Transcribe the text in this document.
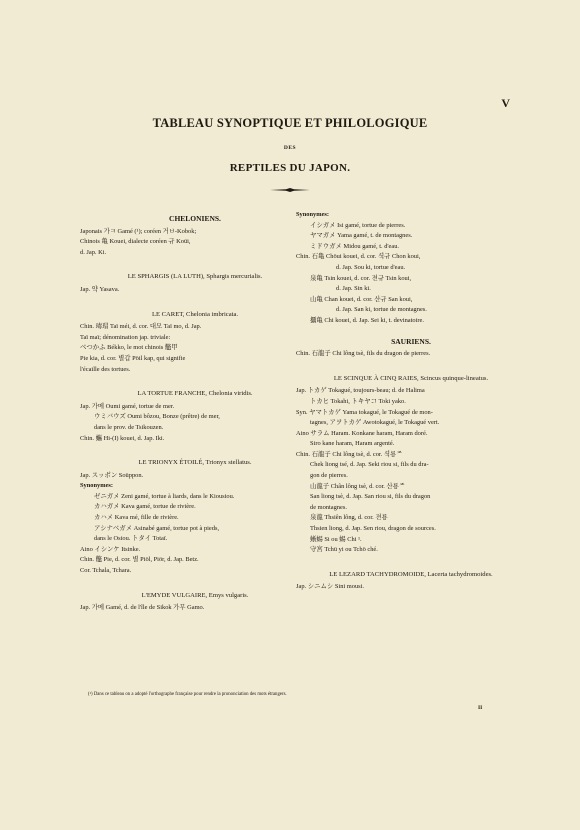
V
TABLEAU SYNOPTIQUE ET PHILOLOGIQUE
DES
REPTILES DU JAPON.

CHELONIENS.

Japonais 가ㅋ Gamé (¹); coréen 거ㅂ-Kobok;

Chinois 亀 Kouei, dialecte coréen 규 Koüi,

d. Jap. Ki.

LE SPHARGIS (LA LUTH), Sphargis mercurialis.

Jap. 약 Yasava.

LE CARET, Chelonia imbricata.

Chin. 瑇瑁 Taï méi, d. cor. 대모 Taï mo, d. Jap.

Taï maï; dénomination jap. triviale:

べつかふ Békko, le mot chinois 鼈甲

Pie kia, d. cor. 별갑 Pöil kap, qui signifie

l'écaille des tortues.

LA TORTUE FRANCHE, Chelonia viridis.

Jap. 가메 Oumi gamé, tortue de mer.

ウミバウズ Oumi bôzou, Bonze (prêtre) de mer,

dans le prov. de Tsikouzen.

Chin. 蠵 Hi-(I) kouei, d. Jap. Iki.

LE TRIONYX ÉTOILÉ, Trionyx stellatus.

Jap. スッポン Soüppon.

Synonymes:

ゼニガメ Zeni gamé, tortue à liards, dans le Kiousiou.

カハガメ Kava gamé, tortue de rivière.

カハメ Kava mé, fille de rivière.

アシナベガメ Asinabé gamé, tortue pot à pieds,

dans le Osiou. トタイ Totaï.

Aino イシンケ Itsinke.

Chin. 鼈 Pie, d. cor. 별 Piöl, Piör, d. Jap. Betz.

Cor. Tchala, Tchara.

L'EMYDE VULGAIRE, Emys vulgaris.

Jap. 가메 Gamé, d. de l'île de Sikok 가무 Gamo.

Synonymes:

イシガメ Isi gamé, tortue de pierres.

ヤマガメ Yama gamé, t. de montagnes.

ミドウガメ Midou gamé, t. d'eau.

Chin. 石亀 Chöui kouei, d. cor. 셕규 Chon koui,

d. Jap. Sou ki, tortue d'eau.

泉亀 Tsin kouei, d. cor. 젼규 Tsin koui,

d. Jap. Sin ki.

山亀 Chan kouei, d. cor. 산규 San koui,

d. Jap. San ki, tortue de montagnes.

攝亀 Chi kouei, d. Jap. Sei ki, t. devinatoire.

SAURIENS.

Chin. 石龍子 Chi lông tsè, fils du dragon de pierres.

LE SCINQUE À CINQ RAIES, Scincus quinque-lineatus.

Jap. トカゲ Tokagué, toujours-beau; d. de Halima

トカヒ Tokahi, トキヤコ Toki yako.

Syn. ヤマトカゲ Yama tokagué, le Tokagué de mon-

tagnes, アヲトカゲ Awotokagué, le Tokagué vert.

Aino サラム Haram. Konkane haram, Haram doré.

Siro kane haram, Haram argenté.

Chin. 石龍子 Chi lông tsè, d. cor. 셕룡ᄌ

Chek liong tsé, d. Jap. Seki riou si, fils du dra-

gon de pierres.

山龍子 Chân lông tsè, d. cor. 산룡ᄌ

San liong tsè, d. Jap. San riou si, fils du dragon

de montagnes.

泉龍 Thsiên lông, d. cor. 젼룡

Thsien liong, d. Jap. Sen riou, dragon de sources.

蜥蜴 Si ou 蜴 Chi ¹.

守宮 Tchü yi ou Tchö ché.

LE LEZARD TACHYDROMOIDE, Lacerta tachydromoides.

Jap. シニムシ Sini mousi.

(¹) Dans ce tableau on a adopté l'orthographe française pour rendre la prononciation des mots étrangers.
II
